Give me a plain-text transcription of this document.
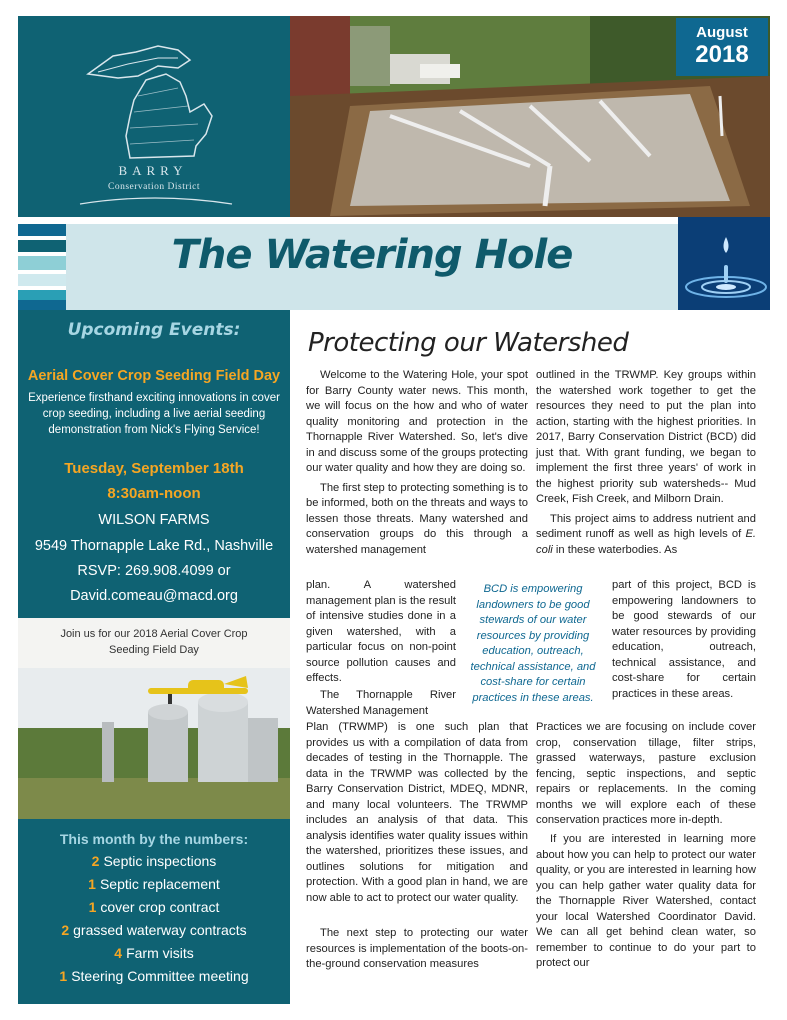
BARRY
Conservation District
August
2018
The Watering Hole
Upcoming Events:
Aerial Cover Crop Seeding Field Day
Experience firsthand exciting innovations in cover crop seeding, including a live aerial seeding demonstration from Nick's Flying Service!
Tuesday, September 18th
8:30am-noon
WILSON FARMS
9549 Thornapple Lake Rd., Nashville
RSVP: 269.908.4099 or
David.comeau@macd.org
Join us for our 2018 Aerial Cover Crop Seeding Field Day
This month by the numbers:
2 Septic inspections
1 Septic replacement
1 cover crop contract
2 grassed waterway contracts
4 Farm visits
1 Steering Committee meeting
Protecting our Watershed

Welcome to the Watering Hole, your spot for Barry County water news. This month, we will focus on the how and who of water quality monitoring and protection in the Thornapple River Watershed. So, let's dive in and discuss some of the groups protecting our water quality and how they are doing so.

The first step to protecting something is to be informed, both on the threats and ways to lessen those threats. Many watershed and conservation groups do this through a watershed management

plan. A watershed management plan is the result of intensive studies done in a given watershed, with a particular focus on non-point source pollution causes and effects.
The Thornapple River Watershed Management
Plan (TRWMP) is one such plan that provides us with a compilation of data from decades of testing in the Thornapple. The data in the TRWMP was collected by the Barry Conservation District, MDEQ, MDNR, and many local volunteers. The TRWMP includes an analysis of that data. This analysis identifies water quality issues within the watershed, prioritizes these issues, and outlines solutions for mitigation and protection. With a good plan in hand, we are now able to act to protect our water quality.
The next step to protecting our water resources is implementation of the boots-on-the-ground conservation measures

outlined in the TRWMP. Key groups within the watershed work together to get the resources they need to put the plan into action, starting with the highest priorities. In 2017, Barry Conservation District (BCD) did just that. With grant funding, we began to implement the first three years' of work in the highest priority sub watersheds-- Mud Creek, Fish Creek, and Milborn Drain.

This project aims to address nutrient and sediment runoff as well as high levels of E. coli in these waterbodies. As

part of this project, BCD is empowering landowners to be good stewards of our water resources by providing education, outreach, technical assistance, and cost-share for certain practices in these areas.
Practices we are focusing on include cover crop, conservation tillage, filter strips, grassed waterways, pasture exclusion fencing, septic inspections, and septic repairs or replacements. In the coming months we will explore each of these conservation practices more in-depth.
If you are interested in learning more about how you can help to protect our water quality, or you are interested in learning how you can help gather water quality data for the Thornapple River Watershed, contact your local Watershed Coordinator David. We can all get behind clean water, so remember to continue to do your part to protect our
BCD is empowering landowners to be good stewards of our water resources by providing education, outreach, technical assistance, and cost-share for certain practices in these areas.
